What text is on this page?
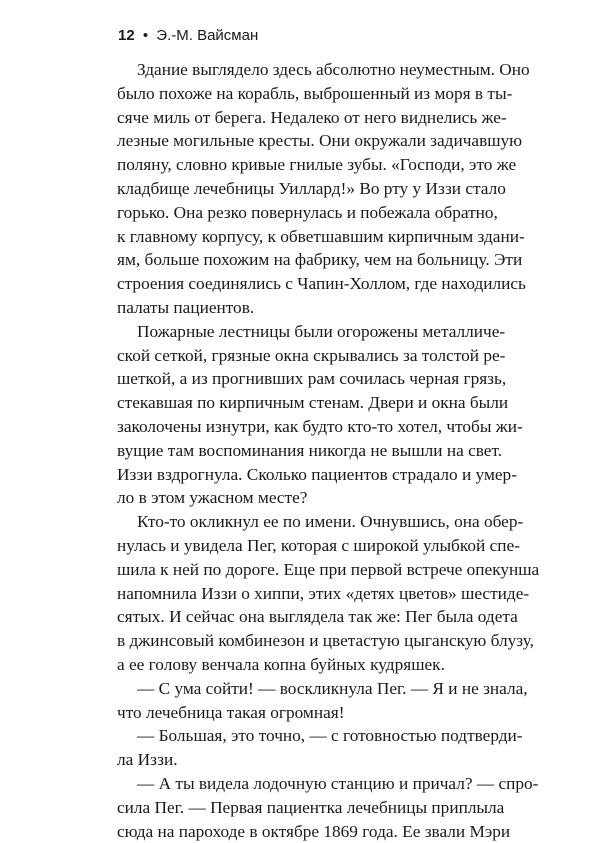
12 • Э.-М. Вайсман
Здание выглядело здесь абсолютно неуместным. Оно
было похоже на корабль, выброшенный из моря в ты-
сяче миль от берега. Недалеко от него виднелись же-
лезные могильные кресты. Они окружали задичавшую
поляну, словно кривые гнилые зубы. «Господи, это же
кладбище лечебницы Уиллард!» Во рту у Иззи стало
горько. Она резко повернулась и побежала обратно,
к главному корпусу, к обветшавшим кирпичным здани-
ям, больше похожим на фабрику, чем на больницу. Эти
строения соединялись с Чапин-Холлом, где находились
палаты пациентов.
Пожарные лестницы были огорожены металличе-
ской сеткой, грязные окна скрывались за толстой ре-
шеткой, а из прогнивших рам сочилась черная грязь,
стекавшая по кирпичным стенам. Двери и окна были
заколочены изнутри, как будто кто-то хотел, чтобы жи-
вущие там воспоминания никогда не вышли на свет.
Иззи вздрогнула. Сколько пациентов страдало и умер-
ло в этом ужасном месте?
Кто-то окликнул ее по имени. Очнувшись, она обер-
нулась и увидела Пег, которая с широкой улыбкой спе-
шила к ней по дороге. Еще при первой встрече опекунша
напомнила Иззи о хиппи, этих «детях цветов» шестиде-
сятых. И сейчас она выглядела так же: Пег была одета
в джинсовый комбинезон и цветастую цыганскую блузу,
а ее голову венчала копна буйных кудряшек.
— С ума сойти! — воскликнула Пег. — Я и не знала,
что лечебница такая огромная!
— Большая, это точно, — с готовностью подтверди-
ла Иззи.
— А ты видела лодочную станцию и причал? — спро-
сила Пег. — Первая пациентка лечебницы приплыла
сюда на пароходе в октябре 1869 года. Ее звали Мэри
